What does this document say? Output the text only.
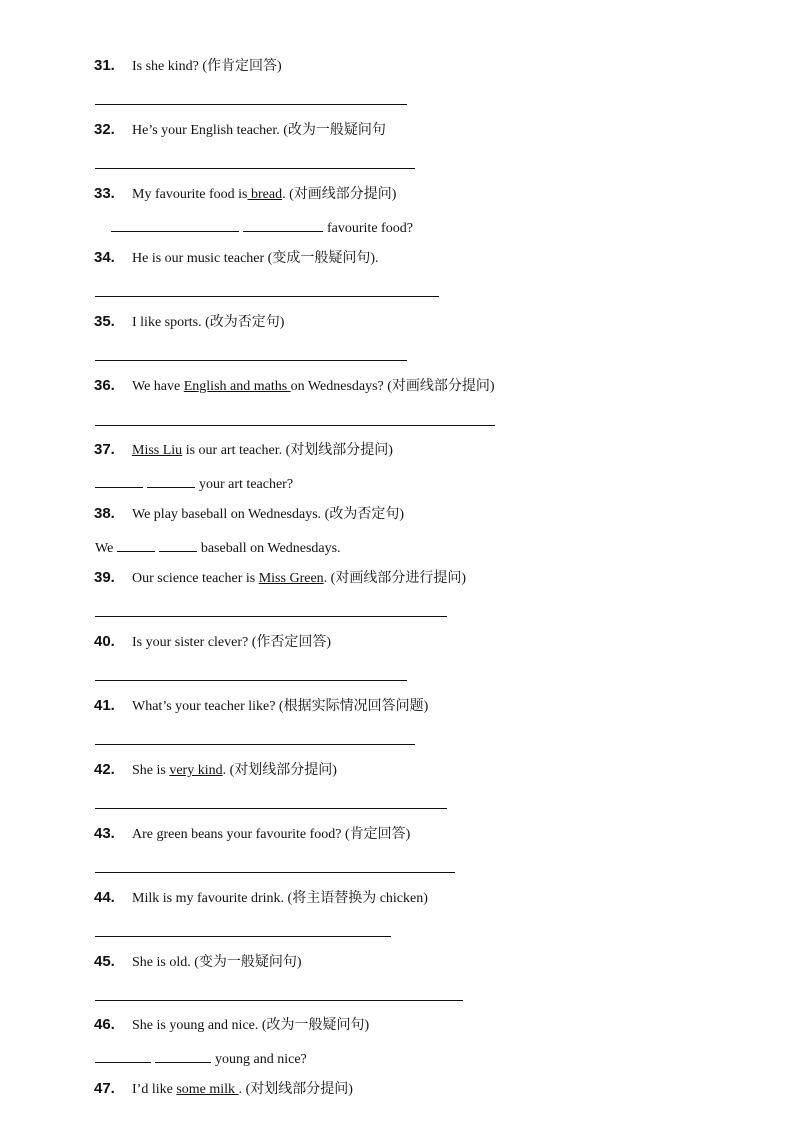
31. Is she kind? (作肯定回答)
32. He’s your English teacher. (改为一般疑问句
33. My favourite food is bread. (对画线部分提问)
favourite food?
34. He is our music teacher (变成一般疑问句).
35. I like sports. (改为否定句)
36. We have English and maths on Wednesdays? (对画线部分提问)
37. Miss Liu is our art teacher. (对划线部分提问)
your art teacher?
38. We play baseball on Wednesdays. (改为否定句)
We	baseball on Wednesdays.
39. Our science teacher is Miss Green. (对画线部分进行提问)
40. Is your sister clever? (作否定回答)
41. What’s your teacher like? (根据实际情况回答问题)
42. She is very kind. (对划线部分提问)
43. Are green beans your favourite food? (肯定回答)
44. Milk is my favourite drink. (将主语替换为 chicken)
45. She is old. (变为一般疑问句)
46. She is young and nice. (改为一般疑问句)
young and nice?
47. I’d like some milk . (对划线部分提问)
